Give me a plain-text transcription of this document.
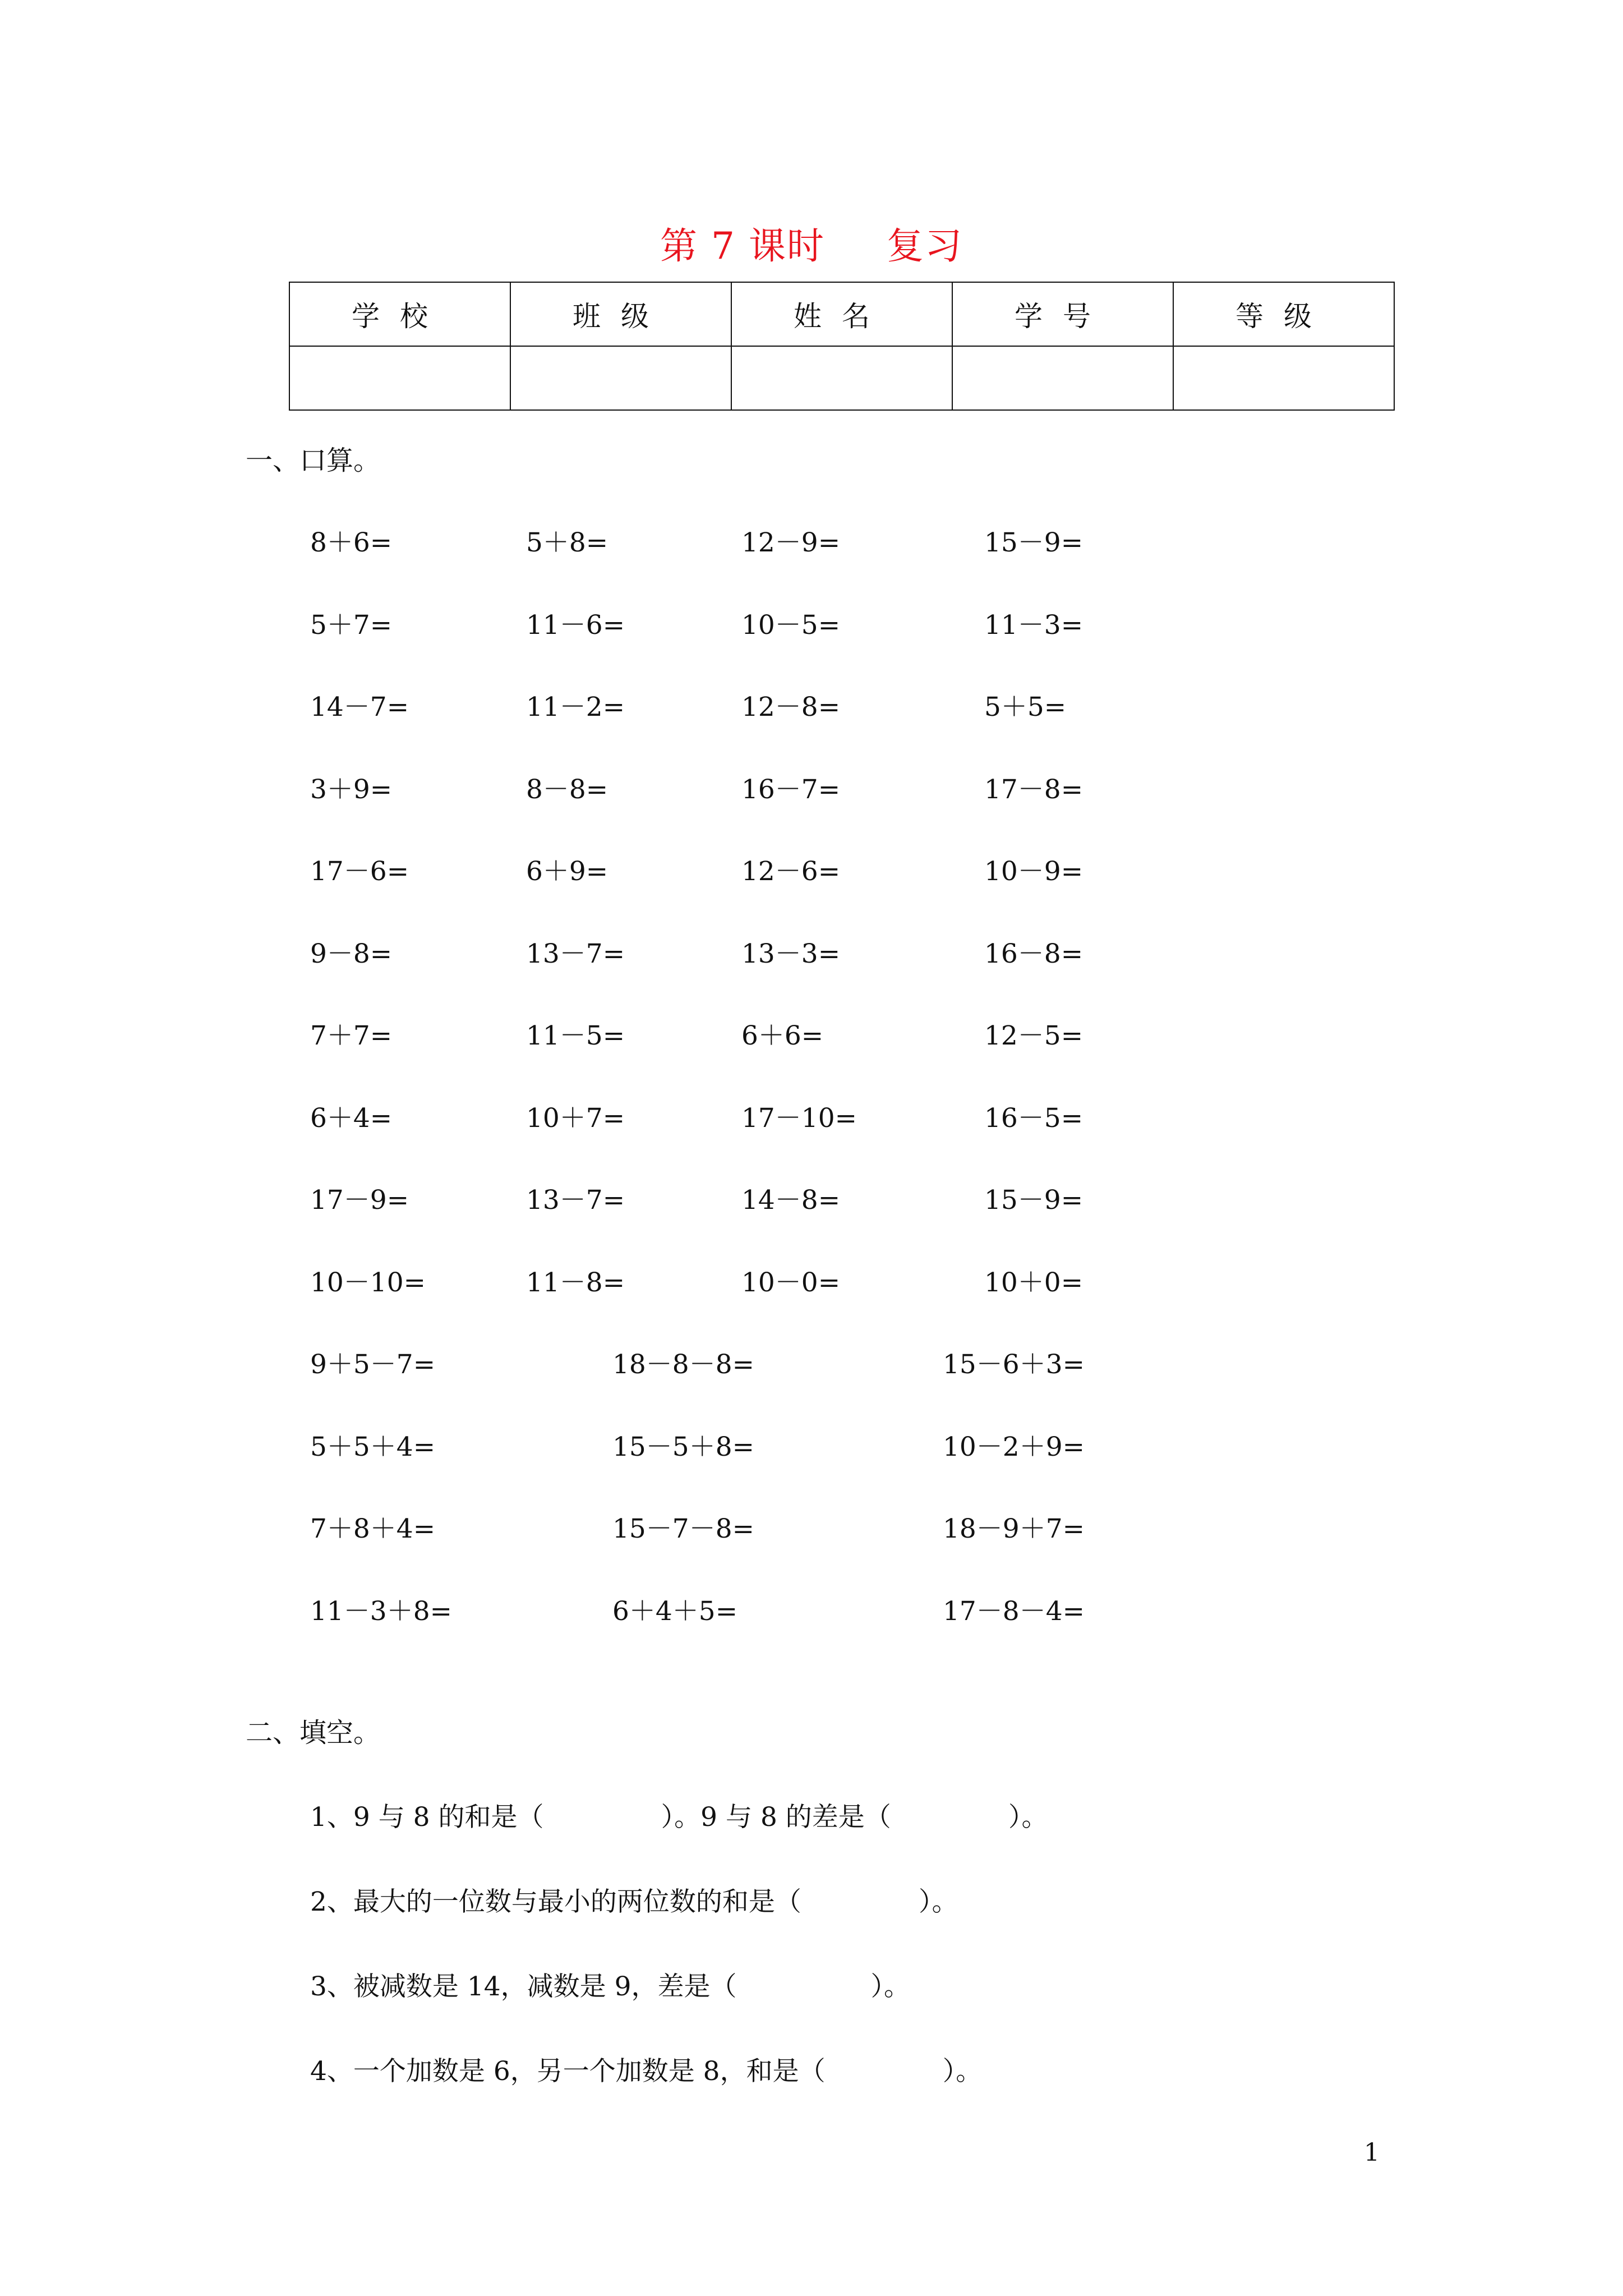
第 7 课时 复习
学校	班级	姓名	学号	等级

一、口算。
8＋6=	5＋8=	12－9=	15－9=
5＋7=	11－6=	10－5=	11－3=
14－7=	11－2=	12－8=	5＋5=
3＋9=	8－8=	16－7=	17－8=
17－6=	6＋9=	12－6=	10－9=
9－8=	13－7=	13－3=	16－8=
7＋7=	11－5=	6＋6=	12－5=
6＋4=	10＋7=	17－10=	16－5=
17－9=	13－7=	14－8=	15－9=
10－10=	11－8=	10－0=	10＋0=
9＋5－7=	18－8－8=	15－6＋3=
5＋5＋4=	15－5＋8=	10－2＋9=
7＋8＋4=	15－7－8=	18－9＋7=
11－3＋8=	6＋4＋5=	17－8－4=
二、填空。
1、9 与 8 的和是（              ）。9 与 8 的差是（              ）。
2、最大的一位数与最小的两位数的和是（              ）。
3、被减数是 14，减数是 9，差是（                ）。
4、一个加数是 6，另一个加数是 8，和是（              ）。
1
